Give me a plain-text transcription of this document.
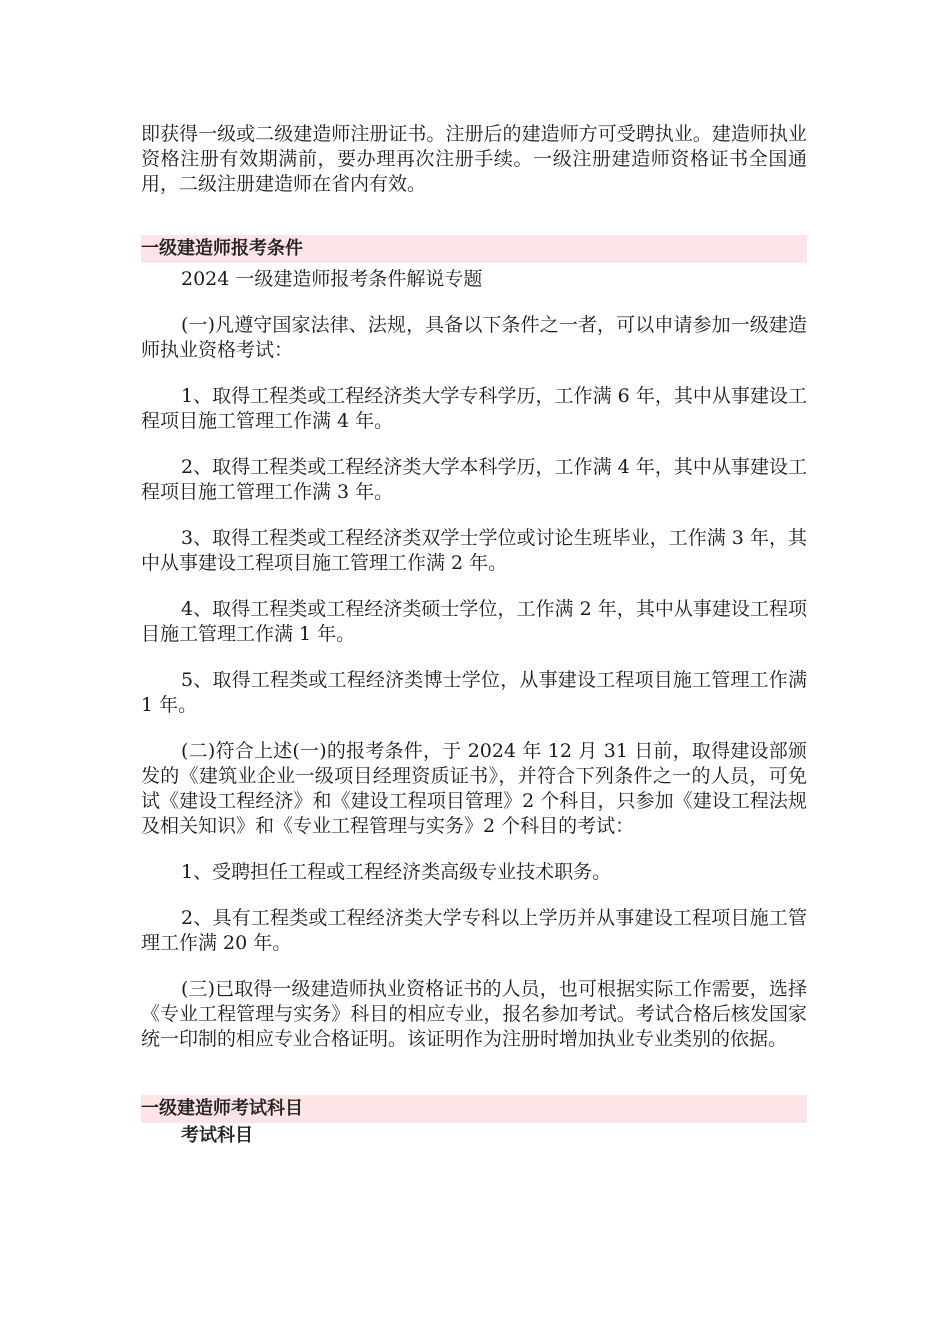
即获得一级或二级建造师注册证书。注册后的建造师方可受聘执业。建造师执业资格注册有效期满前，要办理再次注册手续。一级注册建造师资格证书全国通用，二级注册建造师在省内有效。

一级建造师报考条件

2024 一级建造师报考条件解说专题

(一)凡遵守国家法律、法规，具备以下条件之一者，可以申请参加一级建造师执业资格考试：

1、取得工程类或工程经济类大学专科学历，工作满 6 年，其中从事建设工程项目施工管理工作满 4 年。

2、取得工程类或工程经济类大学本科学历，工作满 4 年，其中从事建设工程项目施工管理工作满 3 年。

3、取得工程类或工程经济类双学士学位或讨论生班毕业，工作满 3 年，其中从事建设工程项目施工管理工作满 2 年。

4、取得工程类或工程经济类硕士学位，工作满 2 年，其中从事建设工程项目施工管理工作满 1 年。

5、取得工程类或工程经济类博士学位，从事建设工程项目施工管理工作满 1 年。

(二)符合上述(一)的报考条件，于 2024 年 12 月 31 日前，取得建设部颁发的《建筑业企业一级项目经理资质证书》，并符合下列条件之一的人员，可免试《建设工程经济》和《建设工程项目管理》2 个科目，只参加《建设工程法规及相关知识》和《专业工程管理与实务》2 个科目的考试：

1、受聘担任工程或工程经济类高级专业技术职务。

2、具有工程类或工程经济类大学专科以上学历并从事建设工程项目施工管理工作满 20 年。

(三)已取得一级建造师执业资格证书的人员，也可根据实际工作需要，选择《专业工程管理与实务》科目的相应专业，报名参加考试。考试合格后核发国家统一印制的相应专业合格证明。该证明作为注册时增加执业专业类别的依据。

一级建造师考试科目
考试科目
